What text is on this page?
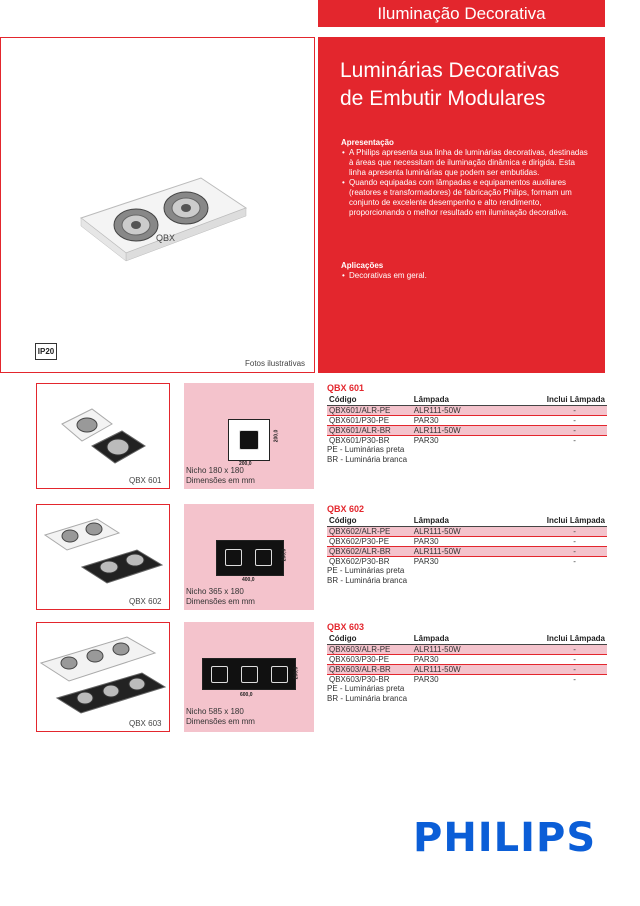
Iluminação Decorativa
QBX
Fotos ilustrativas
IP20
Luminárias Decorativas
de Embutir Modulares
Apresentação
• A Philips apresenta sua linha de luminárias decorativas, destinadas à áreas que necessitam de iluminação dinâmica e dirigida. Esta linha apresenta luminárias que podem ser embutidas.
• Quando equipadas com lâmpadas e equipamentos auxiliares (reatores e transformadores) de fabricação Philips, formam um conjunto de excelente desempenho e alto rendimento, proporcionando o melhor resultado em iluminação decorativa.
Aplicações
• Decorativas em geral.
QBX 601
200,0
200,0
Nicho 180 x 180
Dimensões em mm
QBX 601
Código	Lâmpada	Inclui Lâmpada
QBX601/ALR-PE	ALR111-50W	-
QBX601/P30-PE	PAR30	-
QBX601/ALR-BR	ALR111-50W	-
QBX601/P30-BR	PAR30	-
PE - Luminárias preta
BR - Luminária branca
QBX 602
400,0
200,0
Nicho 365 x 180
Dimensões em mm
QBX 602
Código	Lâmpada	Inclui Lâmpada
QBX602/ALR-PE	ALR111-50W	-
QBX602/P30-PE	PAR30	-
QBX602/ALR-BR	ALR111-50W	-
QBX602/P30-BR	PAR30	-
PE - Luminárias preta
BR - Luminária branca
QBX 603
600,0
200,0
Nicho 585 x 180
Dimensões em mm
QBX 603
Código	Lâmpada	Inclui Lâmpada
QBX603/ALR-PE	ALR111-50W	-
QBX603/P30-PE	PAR30	-
QBX603/ALR-BR	ALR111-50W	-
QBX603/P30-BR	PAR30	-
PE - Luminárias preta
BR - Luminária branca
PHILIPS
